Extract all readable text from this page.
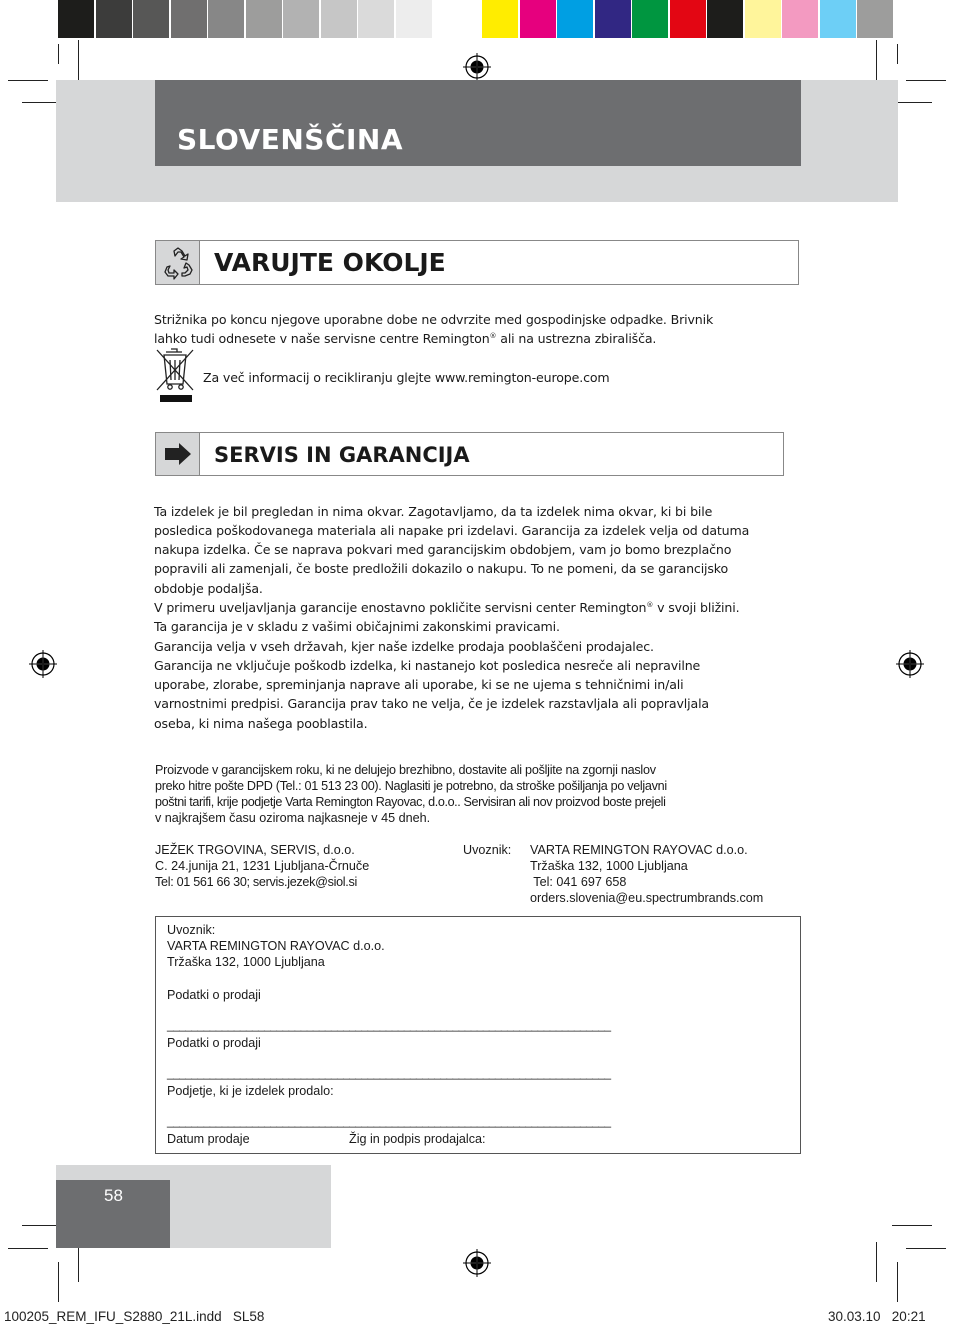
SLOVENŠČINA
VARUJTE OKOLJE
Strižnika po koncu njegove uporabne dobe ne odvrzite med gospodinjske odpadke. Brivnik
lahko tudi odnesete v naše servisne centre Remington® ali na ustrezna zbirališča.
Za več informacij o recikliranju glejte www.remington-europe.com
SERVIS IN GARANCIJA
Ta izdelek je bil pregledan in nima okvar. Zagotavljamo, da ta izdelek nima okvar, ki bi bile
posledica poškodovanega materiala ali napake pri izdelavi. Garancija za izdelek velja od datuma
nakupa izdelka. Če se naprava pokvari med garancijskim obdobjem, vam jo bomo brezplačno
popravili ali zamenjali, če boste predložili dokazilo o nakupu. To ne pomeni, da se garancijsko
obdobje podaljša.
V primeru uveljavljanja garancije enostavno pokličite servisni center Remington® v svoji bližini.
Ta garancija je v skladu z vašimi običajnimi zakonskimi pravicami.
Garancija velja v vseh državah, kjer naše izdelke prodaja pooblaščeni prodajalec.
Garancija ne vključuje poškodb izdelka, ki nastanejo kot posledica nesreče ali nepravilne
uporabe, zlorabe, spreminjanja naprave ali uporabe, ki se ne ujema s tehničnimi in/ali
varnostnimi predpisi. Garancija prav tako ne velja, če je izdelek razstavljala ali popravljala
oseba, ki nima našega pooblastila.
Proizvode v garancijskem roku, ki ne delujejo brezhibno, dostavite ali pošljite na zgornji naslov
preko hitre pošte DPD (Tel.: 01 513 23 00). Naglasiti je potrebno, da stroške pošiljanja po veljavni
poštni tarifi, krije podjetje Varta Remington Rayovac, d.o.o.. Servisiran ali nov proizvod boste prejeli
v najkrajšem času oziroma najkasneje v 45 dneh.
JEŽEK TRGOVINA, SERVIS, d.o.o.
C. 24.junija 21, 1231 Ljubljana-Črnuče
Tel: 01 561 66 30; servis.jezek@siol.si
Uvoznik: VARTA REMINGTON RAYOVAC d.o.o.
Tržaška 132, 1000 Ljubljana
Tel: 041 697 658
orders.slovenia@eu.spectrumbrands.com
Uvoznik:
VARTA REMINGTON RAYOVAC d.o.o.
Tržaška 132, 1000 Ljubljana
Podatki o prodaji
_________________________________________________________________________
Podatki o prodaji
_________________________________________________________________________
Podjetje, ki je izdelek prodalo:
_________________________________________________________________________
Datum prodaje	Žig in podpis prodajalca:
58
100205_REM_IFU_S2880_21L.indd   SL58	30.03.10   20:21
